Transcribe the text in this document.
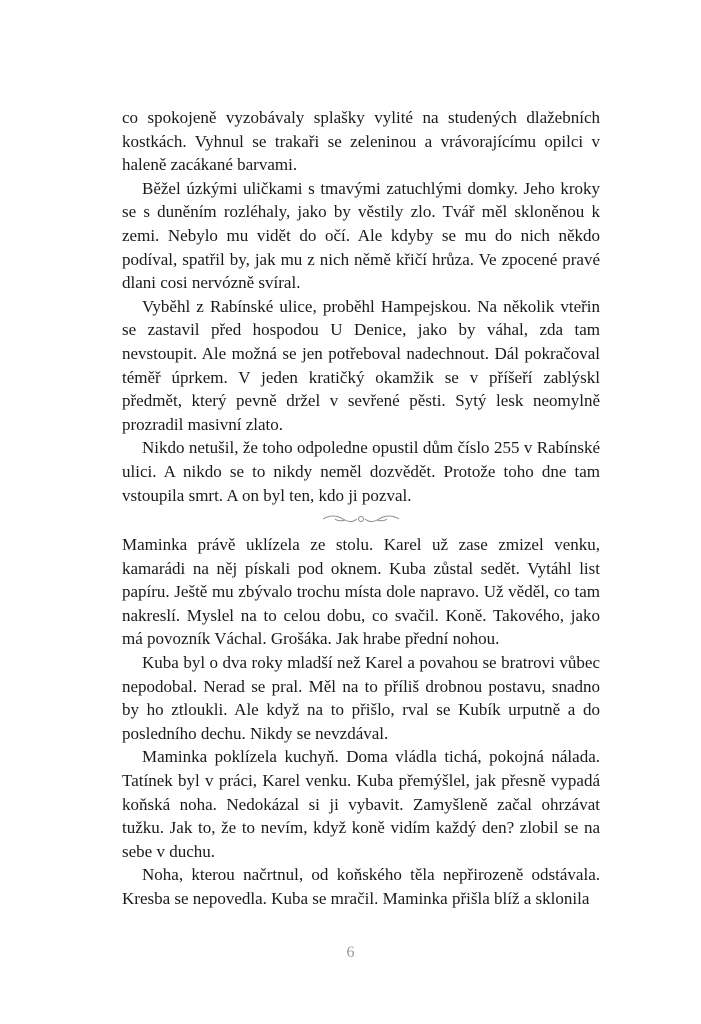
co spokojeně vyzobávaly splašky vylité na studených dlažebních kostkách. Vyhnul se trakaři se zeleninou a vrávorajícímu opilci v haleně zacákané barvami.

Běžel úzkými uličkami s tmavými zatuchlými domky. Jeho kroky se s duněním rozléhaly, jako by věstily zlo. Tvář měl skloněnou k zemi. Nebylo mu vidět do očí. Ale kdyby se mu do nich někdo podíval, spatřil by, jak mu z nich němě křičí hrůza. Ve zpocené pravé dlani cosi nervózně svíral.

Vyběhl z Rabínské ulice, proběhl Hampejskou. Na několik vteřin se zastavil před hospodou U Denice, jako by váhal, zda tam nevstoupit. Ale možná se jen potřeboval nadechnout. Dál pokračoval téměř úprkem. V jeden kratičký okamžik se v příšeří zablýskl předmět, který pevně držel v sevřené pěsti. Sytý lesk neomylně prozradil masivní zlato.

Nikdo netušil, že toho odpoledne opustil dům číslo 255 v Rabínské ulici. A nikdo se to nikdy neměl dozvědět. Protože toho dne tam vstoupila smrt. A on byl ten, kdo ji pozval.

Maminka právě uklízela ze stolu. Karel už zase zmizel venku, kamarádi na něj pískali pod oknem. Kuba zůstal sedět. Vytáhl list papíru. Ještě mu zbývalo trochu místa dole napravo. Už věděl, co tam nakreslí. Myslel na to celou dobu, co svačil. Koně. Takového, jako má povozník Váchal. Grošáka. Jak hrabe přední nohou.

Kuba byl o dva roky mladší než Karel a povahou se bratrovi vůbec nepodobal. Nerad se pral. Měl na to příliš drobnou postavu, snadno by ho ztloukli. Ale když na to přišlo, rval se Kubík urputně a do posledního dechu. Nikdy se nevzdával.

Maminka poklízela kuchyň. Doma vládla tichá, pokojná nálada. Tatínek byl v práci, Karel venku. Kuba přemýšlel, jak přesně vypadá koňská noha. Nedokázal si ji vybavit. Zamyšleně začal ohrzávat tužku. Jak to, že to nevím, když koně vidím každý den? zlobil se na sebe v duchu.

Noha, kterou načrtnul, od koňského těla nepřirozeně odstávala. Kresba se nepovedla. Kuba se mračil. Maminka přišla blíž a sklonila

6
